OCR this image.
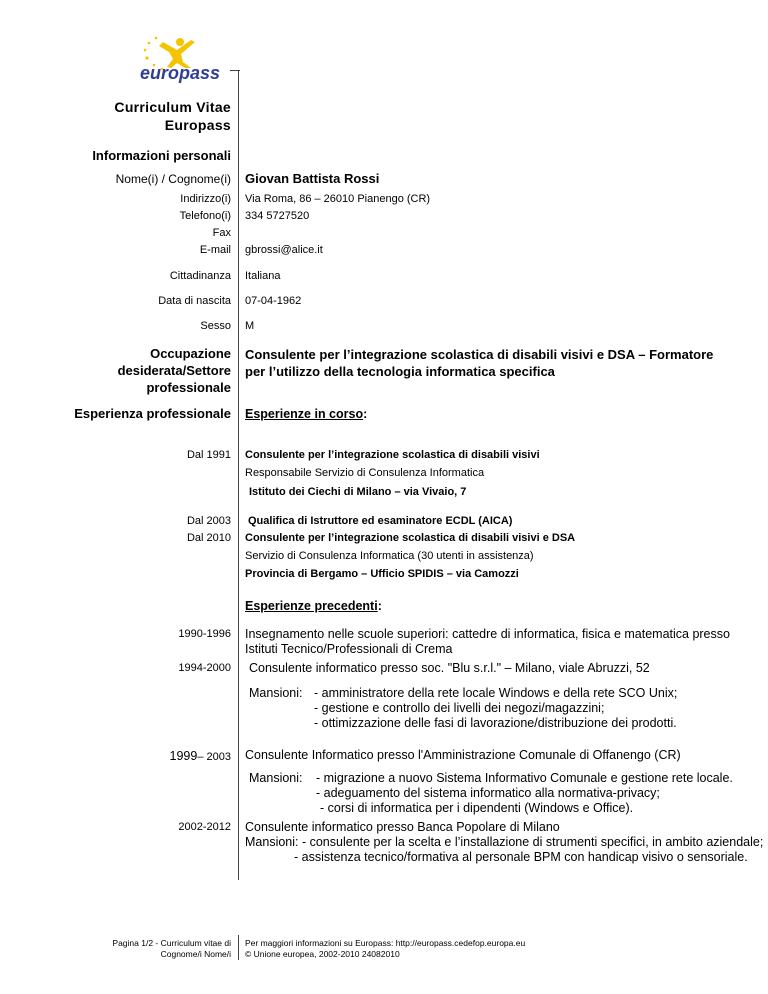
europass
Curriculum Vitae
Europass
Informazioni personali
Nome(i) / Cognome(i) Giovan Battista Rossi
Indirizzo(i) Via Roma, 86 – 26010 Pianengo (CR)
Telefono(i) 334 5727520
Fax
E-mail gbrossi@alice.it
Cittadinanza Italiana
Data di nascita 07-04-1962
Sesso M
Occupazione
desiderata/Settore
professionale
Consulente per l’integrazione scolastica di disabili visivi e DSA – Formatore
per l’utilizzo della tecnologia informatica specifica
Esperienza professionale Esperienze in corso:
Dal 1991 Consulente per l’integrazione scolastica di disabili visivi
Responsabile Servizio di Consulenza Informatica
Istituto dei Ciechi di Milano – via Vivaio, 7
Dal 2003 Qualifica di Istruttore ed esaminatore ECDL (AICA)
Dal 2010 Consulente per l’integrazione scolastica di disabili visivi e DSA
Servizio di Consulenza Informatica (30 utenti in assistenza)
Provincia di Bergamo – Ufficio SPIDIS – via Camozzi
Esperienze precedenti:
1990-1996 Insegnamento nelle scuole superiori: cattedre di informatica, fisica e matematica presso
Istituti Tecnico/Professionali di Crema
1994-2000 Consulente informatico presso soc. "Blu s.r.l." – Milano, viale Abruzzi, 52
Mansioni: - amministratore della rete locale Windows e della rete SCO Unix;
- gestione e controllo dei livelli dei negozi/magazzini;
- ottimizzazione delle fasi di lavorazione/distribuzione dei prodotti.
1999– 2003 Consulente Informatico presso l'Amministrazione Comunale di Offanengo (CR)
Mansioni: - migrazione a nuovo Sistema Informativo Comunale e gestione rete locale.
- adeguamento del sistema informatico alla normativa-privacy;
- corsi di informatica per i dipendenti (Windows e Office).
2002-2012 Consulente informatico presso Banca Popolare di Milano
Mansioni: - consulente per la scelta e l’installazione di strumenti specifici, in ambito aziendale;
- assistenza tecnico/formativa al personale BPM con handicap visivo o sensoriale.
Pagina 1/2 - Curriculum vitae di
Cognome/i Nome/i
Per maggiori informazioni su Europass: http://europass.cedefop.europa.eu
© Unione europea, 2002-2010 24082010
